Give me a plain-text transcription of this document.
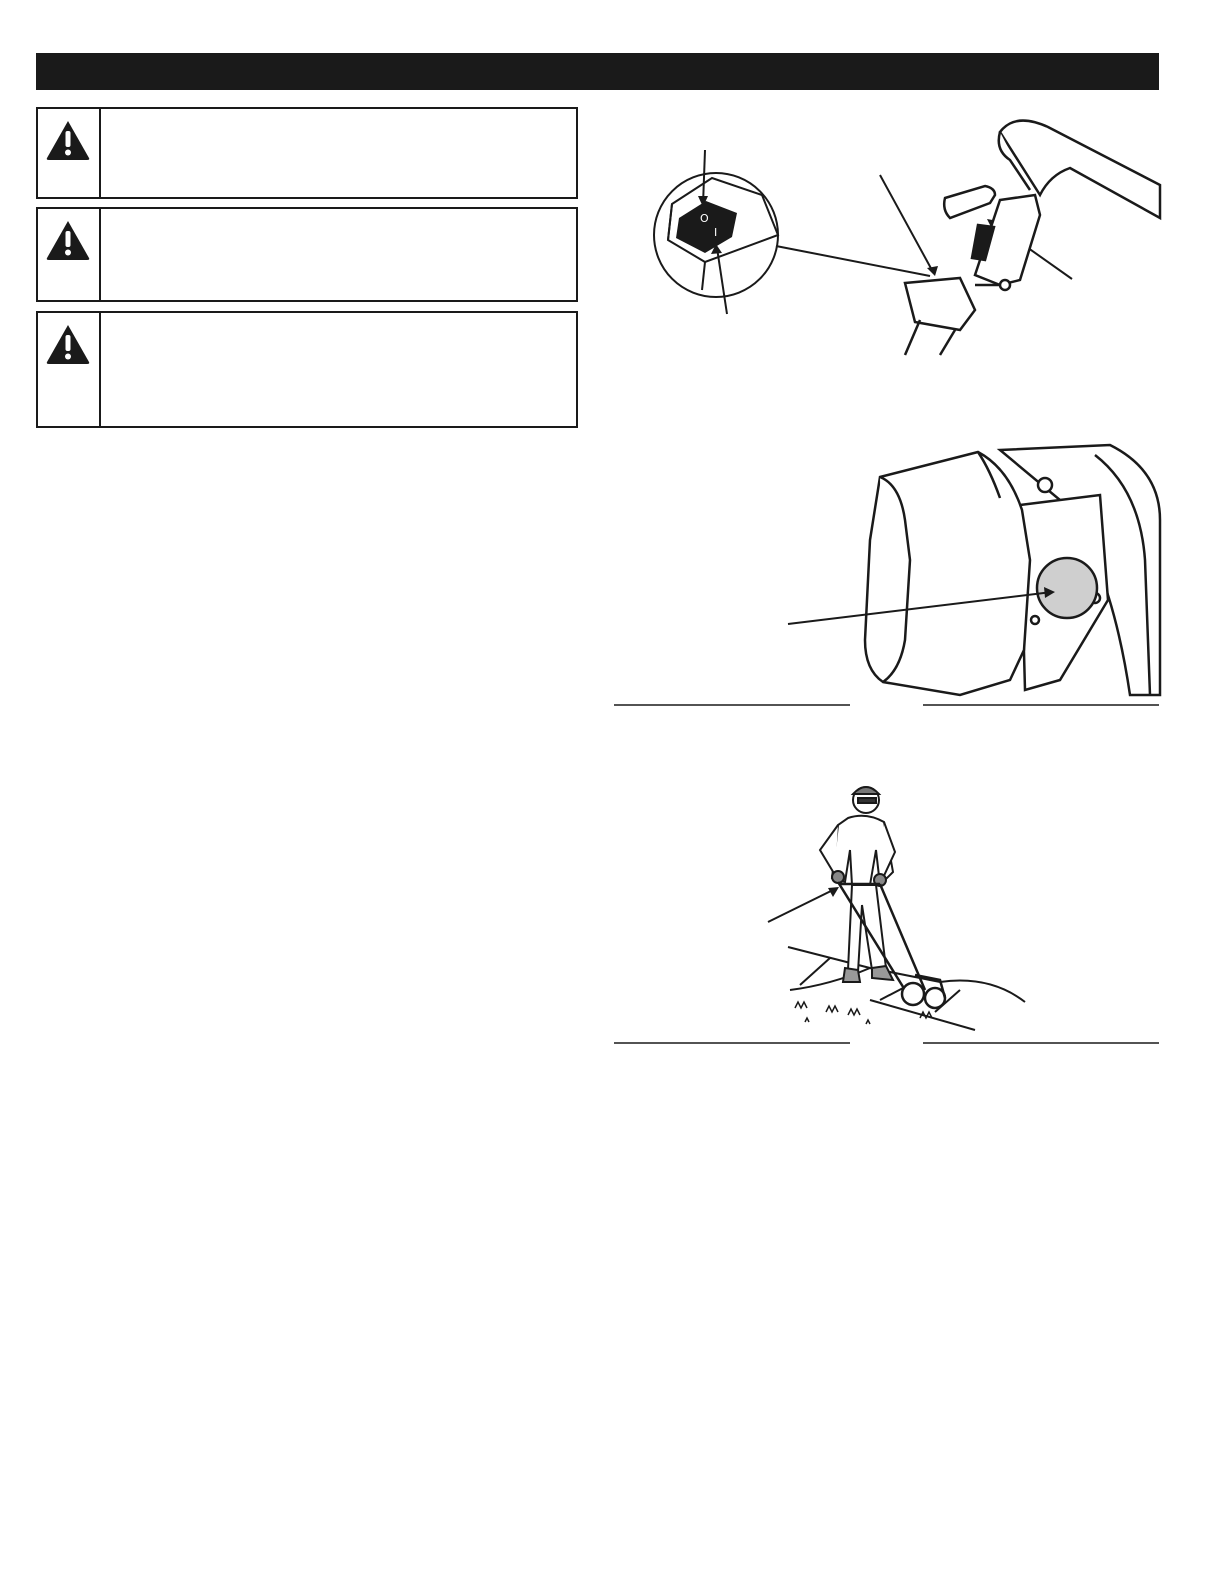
O
I
